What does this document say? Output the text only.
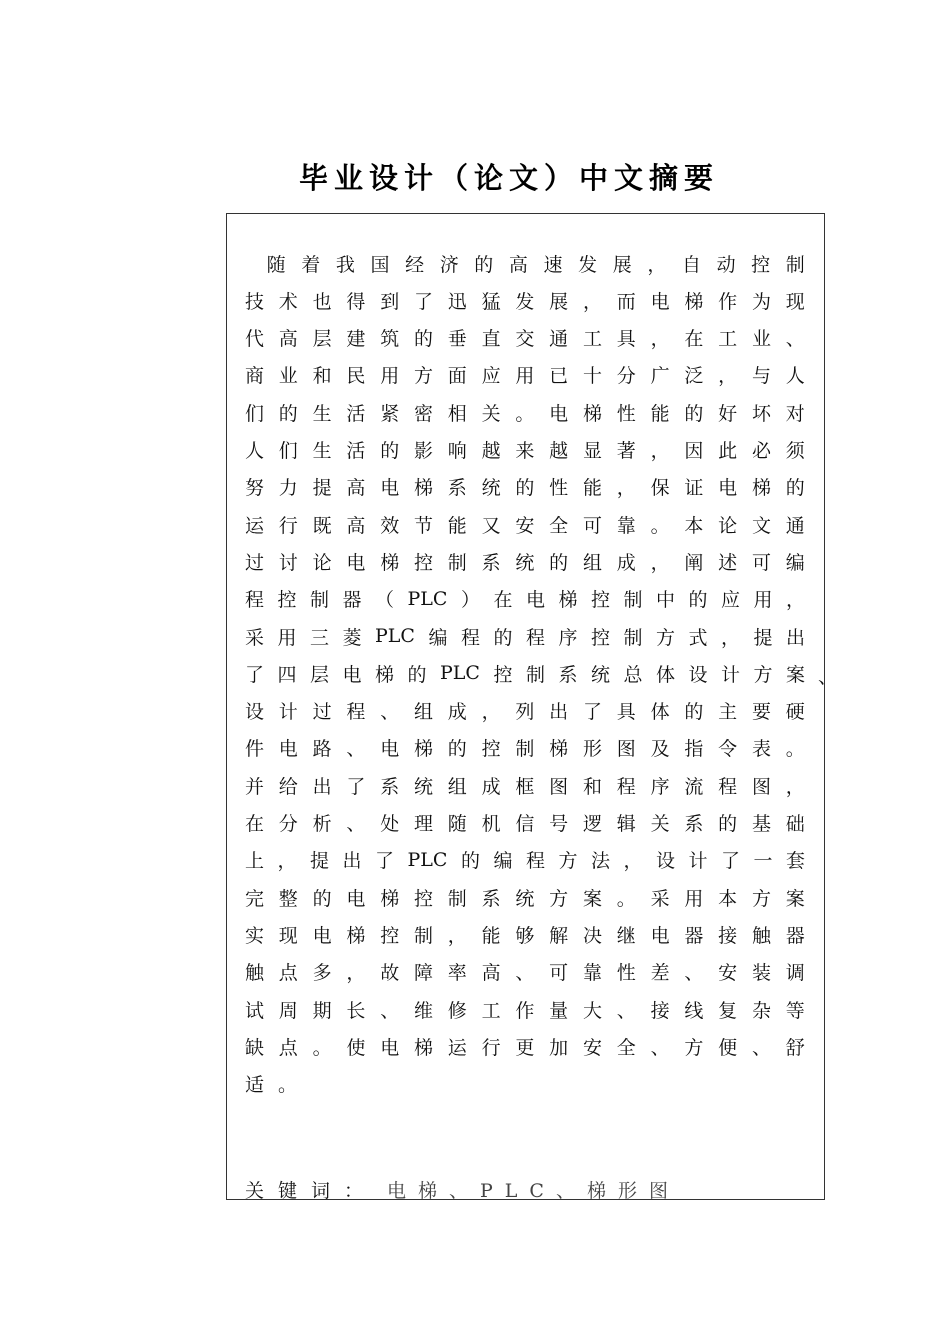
毕业设计（论文）中文摘要

随 着 我 国 经 济 的 高 速 发 展 ， 自 动 控 制
技 术 也 得 到 了 迅 猛 发 展 ， 而 电 梯 作 为 现
代 高 层 建 筑 的 垂 直 交 通 工 具 ， 在 工 业 、
商 业 和 民 用 方 面 应 用 已 十 分 广 泛 ， 与 人
们 的 生 活 紧 密 相 关 。 电 梯 性 能 的 好 坏 对
人 们 生 活 的 影 响 越 来 越 显 著 ， 因 此 必 须
努 力 提 高 电 梯 系 统 的 性 能 ， 保 证 电 梯 的
运 行 既 高 效 节 能 又 安 全 可 靠 。 本 论 文 通
过 讨 论 电 梯 控 制 系 统 的 组 成 ， 阐 述 可 编
程 控 制 器 （ PLC ） 在 电 梯 控 制 中 的 应 用 ，
采 用 三 菱 PLC 编 程 的 程 序 控 制 方 式 ， 提 出
了 四 层 电 梯 的 PLC 控 制 系 统 总 体 设 计 方 案
设 计 过 程 、 组 成 ， 列 出 了 具 体 的 主 要 硬
件 电 路 、 电 梯 的 控 制 梯 形 图 及 指 令 表 。
并 给 出 了 系 统 组 成 框 图 和 程 序 流 程 图 ，
在 分 析 、 处 理 随 机 信 号 逻 辑 关 系 的 基 础
上 ， 提 出 了 PLC 的 编 程 方 法 ， 设 计 了 一 套
完 整 的 电 梯 控 制 系 统 方 案 。 采 用 本 方 案
实 现 电 梯 控 制 ， 能 够 解 决 继 电 器 接 触 器
触 点 多 ， 故 障 率 高 、 可 靠 性 差 、 安 装 调
试 周 期 长 、 维 修 工 作 量 大 、 接 线 复 杂 等
缺 点 。 使 电 梯 运 行 更 加 安 全 、 方 便 、 舒
适 。
、
关键词： 电梯、PLC、梯形图
